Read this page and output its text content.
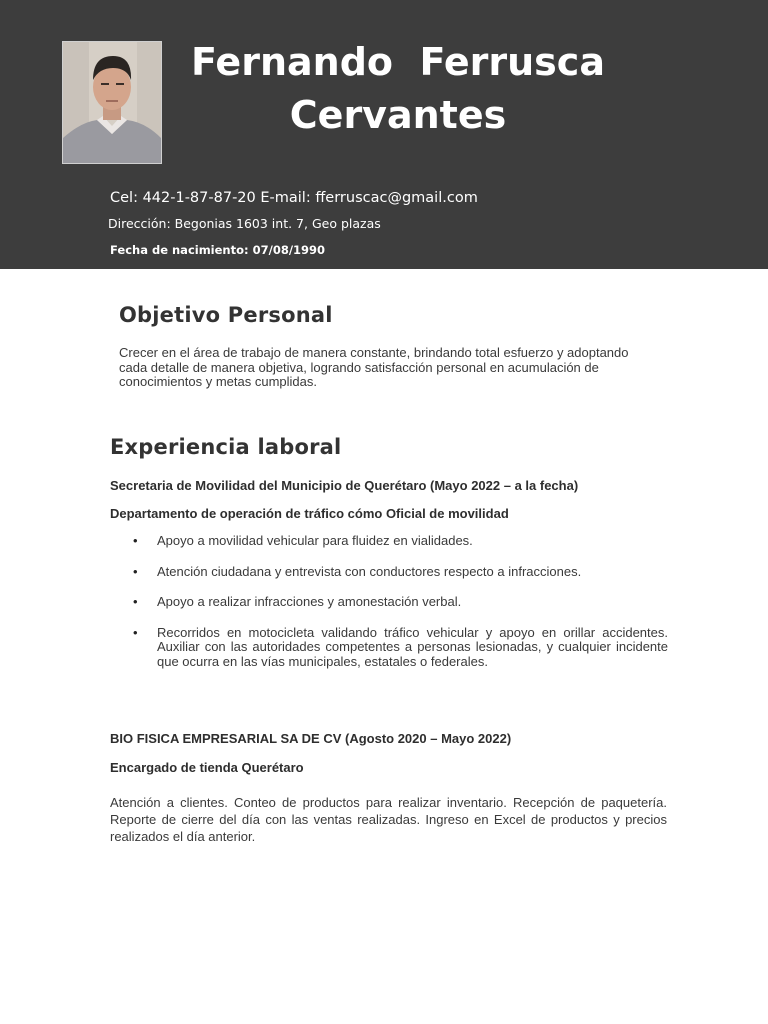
Fernando  Ferrusca
Cervantes
Cel: 442-1-87-87-20 E-mail: fferruscac@gmail.com
Dirección: Begonias 1603 int. 7, Geo plazas
Fecha de nacimiento: 07/08/1990
Objetivo Personal
Crecer en el área de trabajo de manera constante, brindando total esfuerzo y adoptando cada detalle de manera objetiva, logrando satisfacción personal en acumulación de conocimientos y metas cumplidas.
Experiencia laboral
Secretaria de Movilidad del Municipio de Querétaro (Mayo 2022 – a la fecha)
Departamento de operación de tráfico cómo Oficial de movilidad
• Apoyo a movilidad vehicular para fluidez en vialidades.
• Atención ciudadana y entrevista con conductores respecto a infracciones.
• Apoyo a realizar infracciones y amonestación verbal.
• Recorridos en motocicleta validando tráfico vehicular y apoyo en orillar accidentes. Auxiliar con las autoridades competentes a personas lesionadas, y cualquier incidente que ocurra en las vías municipales, estatales o federales.
BIO FISICA EMPRESARIAL SA DE CV (Agosto 2020 – Mayo 2022)
Encargado de tienda Querétaro
Atención a clientes. Conteo de productos para realizar inventario. Recepción de paquetería. Reporte de cierre del día con las ventas realizadas. Ingreso en Excel de productos y precios realizados el día anterior.
